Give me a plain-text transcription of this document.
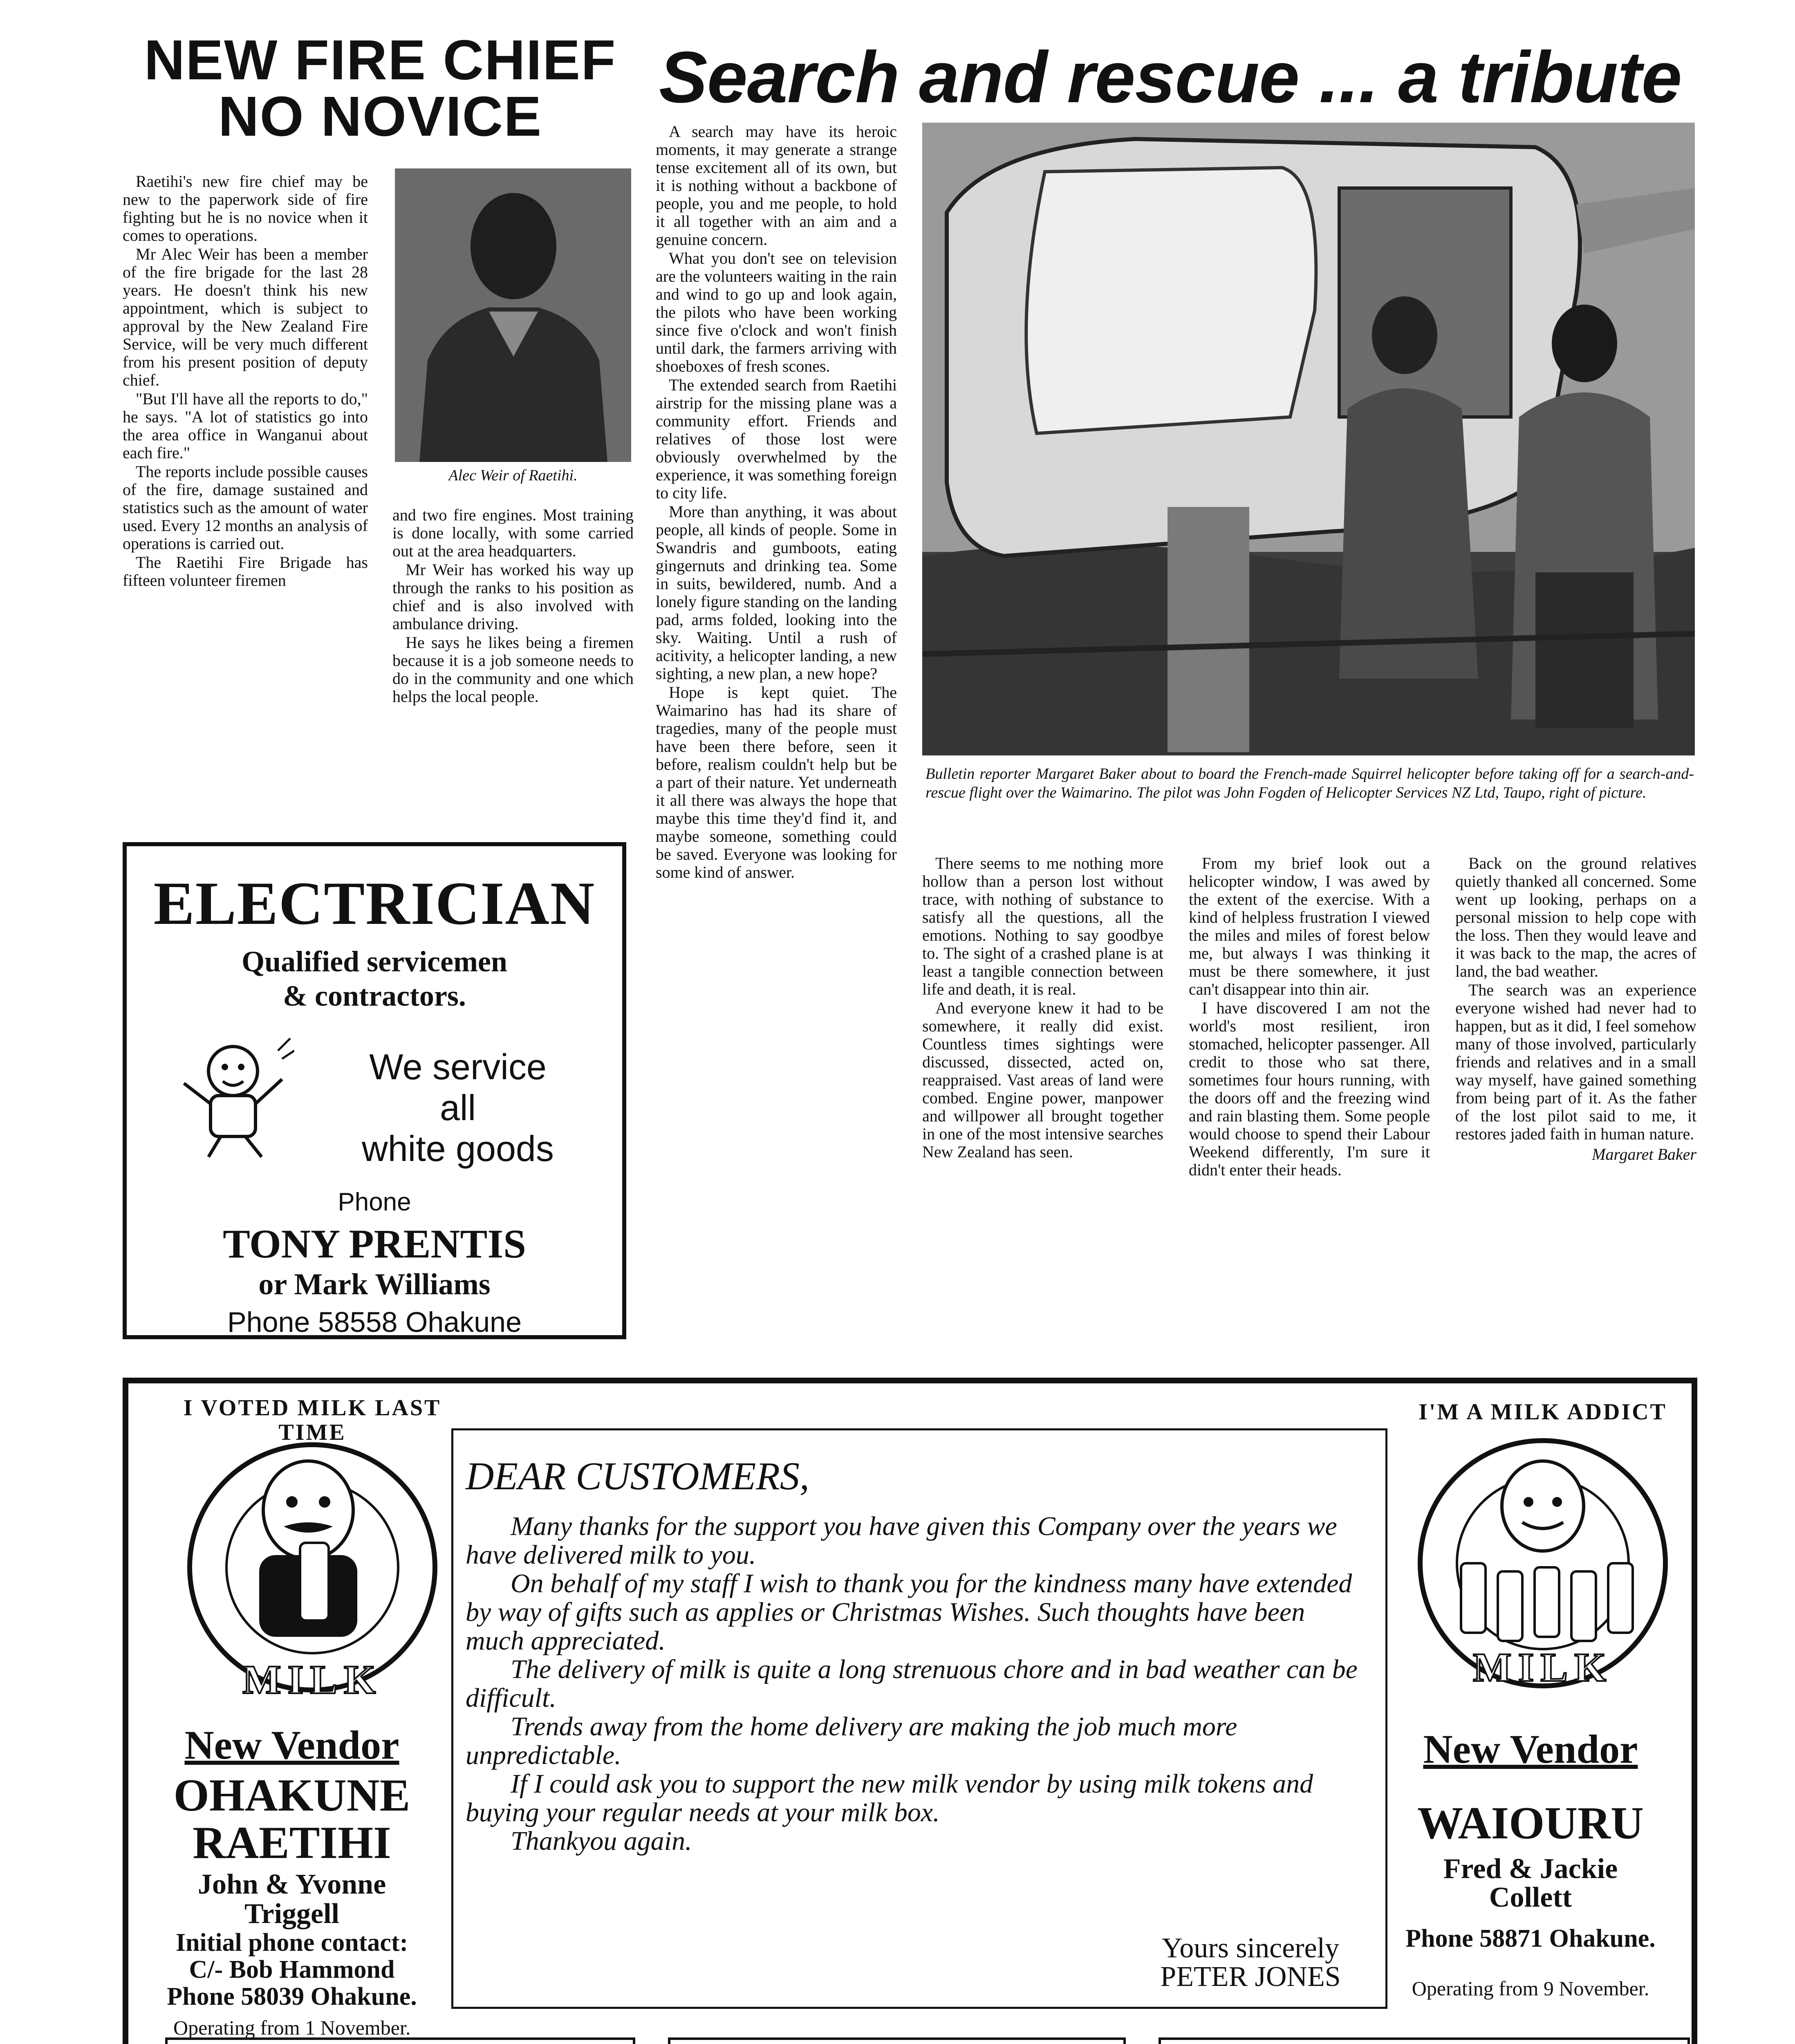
NEW FIRE CHIEF
NO NOVICE

Raetihi's new fire chief may be new to the paperwork side of fire fighting but he is no novice when it comes to operations.

Mr Alec Weir has been a member of the fire brigade for the last 28 years. He doesn't think his new appointment, which is subject to approval by the New Zealand Fire Service, will be very much different from his present position of deputy chief.

"But I'll have all the reports to do," he says. "A lot of statistics go into the area office in Wanganui about each fire."

The reports include possible causes of the fire, damage sustained and statistics such as the amount of water used. Every 12 months an analysis of operations is carried out.

The Raetihi Fire Brigade has fifteen volunteer firemen

Alec Weir of Raetihi.

and two fire engines. Most training is done locally, with some carried out at the area headquarters.

Mr Weir has worked his way up through the ranks to his position as chief and is also involved with ambulance driving.

He says he likes being a firemen because it is a job someone needs to do in the community and one which helps the local people.

ELECTRICIAN
Qualified servicemen
& contractors.
We service
all
white goods
Phone
TONY PRENTIS
or Mark Williams
Phone 58558 Ohakune
Search and rescue ... a tribute

A search may have its heroic moments, it may generate a strange tense excitement all of its own, but it is nothing without a backbone of people, you and me people, to hold it all together with an aim and a genuine concern.

What you don't see on television are the volunteers waiting in the rain and wind to go up and look again, the pilots who have been working since five o'clock and won't finish until dark, the farmers arriving with shoeboxes of fresh scones.

The extended search from Raetihi airstrip for the missing plane was a community effort. Friends and relatives of those lost were obviously overwhelmed by the experience, it was something foreign to city life.

More than anything, it was about people, all kinds of people. Some in Swandris and gumboots, eating gingernuts and drinking tea. Some in suits, bewildered, numb. And a lonely figure standing on the landing pad, arms folded, looking into the sky. Waiting. Until a rush of acitivity, a helicopter landing, a new sighting, a new plan, a new hope?

Hope is kept quiet. The Waimarino has had its share of tragedies, many of the people must have been there before, seen it before, realism couldn't help but be a part of their nature. Yet underneath it all there was always the hope that maybe this time they'd find it, and maybe someone, something could be saved. Everyone was looking for some kind of answer.

Bulletin reporter Margaret Baker about to board the French-made Squirrel helicopter before taking off for a search-and-rescue flight over the Waimarino. The pilot was John Fogden of Helicopter Services NZ Ltd, Taupo, right of picture.

There seems to me nothing more hollow than a person lost without trace, with nothing of substance to satisfy all the questions, all the emotions. Nothing to say goodbye to. The sight of a crashed plane is at least a tangible connection between life and death, it is real.

And everyone knew it had to be somewhere, it really did exist. Countless times sightings were discussed, dissected, acted on, reappraised. Vast areas of land were combed. Engine power, manpower and willpower all brought together in one of the most intensive searches New Zealand has seen.

From my brief look out a helicopter window, I was awed by the extent of the exercise. With a kind of helpless frustration I viewed the miles and miles of forest below me, but always I was thinking it must be there somewhere, it just can't disappear into thin air.

I have discovered I am not the world's most resilient, iron stomached, helicopter passenger. All credit to those who sat there, sometimes four hours running, with the doors off and the freezing wind and rain blasting them. Some people would choose to spend their Labour Weekend differently, I'm sure it didn't enter their heads.

Back on the ground relatives quietly thanked all concerned. Some went up looking, perhaps on a personal mission to help cope with the loss. Then they would leave and it was back to the map, the acres of land, the bad weather.

The search was an experience everyone wished had never had to happen, but as it did, I feel somehow many of those involved, particularly friends and relatives and in a small way myself, have gained something from being part of it. As the father of the lost pilot said to me, it restores jaded faith in human nature.

Margaret Baker
I VOTED MILK LAST TIME
MILK
New Vendor
OHAKUNE
RAETIHI
John & Yvonne
Triggell
Initial phone contact:
C/- Bob Hammond
Phone 58039 Ohakune.
Operating from 1 November.
DEAR CUSTOMERS,

Many thanks for the support you have given this Company over the years we have delivered milk to you.

On behalf of my staff I wish to thank you for the kindness many have extended by way of gifts such as applies or Christmas Wishes. Such thoughts have been much appreciated.

The delivery of milk is quite a long strenuous chore and in bad weather can be difficult.

Trends away from the home delivery are making the job much more unpredictable.

If I could ask you to support the new milk vendor by using milk tokens and buying your regular needs at your milk box.

Thankyou again.

Yours sincerely
PETER JONES
I'M A MILK ADDICT
MILK
New Vendor
WAIOURU
Fred & Jackie
Collett
Phone 58871 Ohakune.
Operating from 9 November.
